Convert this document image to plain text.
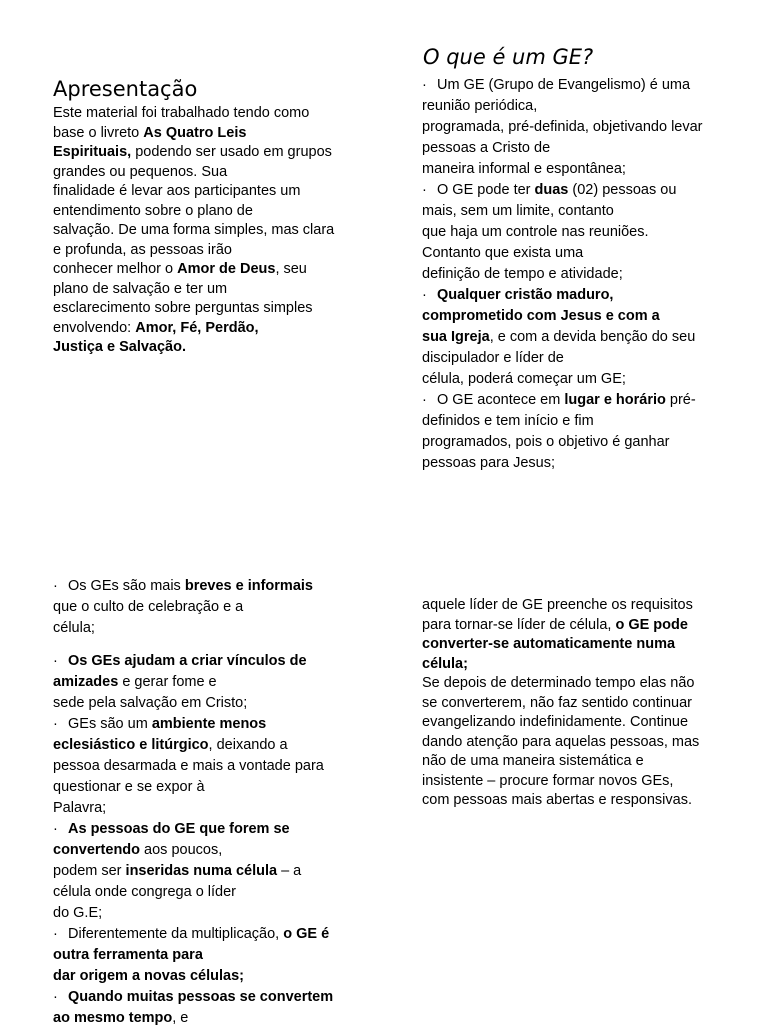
Apresentação
Este material foi trabalhado tendo como
base o livreto As Quatro Leis
Espirituais, podendo ser usado em grupos
grandes ou pequenos. Sua
finalidade é levar aos participantes um
entendimento sobre o plano de
salvação. De uma forma simples, mas clara
e profunda, as pessoas irão
conhecer melhor o Amor de Deus, seu
plano de salvação e ter um
esclarecimento sobre perguntas simples
envolvendo: Amor, Fé, Perdão,
Justiça e Salvação.
O que é um GE?

· Um GE (Grupo de Evangelismo) é uma
reunião periódica,
programada, pré-definida, objetivando levar
pessoas a Cristo de
maneira informal e espontânea;

· O GE pode ter duas (02) pessoas ou
mais, sem um limite, contanto
que haja um controle nas reuniões.
Contanto que exista uma
definição de tempo e atividade;

· Qualquer cristão maduro,
comprometido com Jesus e com a
sua Igreja, e com a devida benção do seu
discipulador e líder de
célula, poderá começar um GE;

· O GE acontece em lugar e horário pré-
definidos e tem início e fim
programados, pois o objetivo é ganhar
pessoas para Jesus;

· Os GEs são mais breves e informais
que o culto de celebração e a
célula;

· Os GEs ajudam a criar vínculos de
amizades e gerar fome e
sede pela salvação em Cristo;

· GEs são um ambiente menos
eclesiástico e litúrgico, deixando a
pessoa desarmada e mais a vontade para
questionar e se expor à
Palavra;

· As pessoas do GE que forem se
convertendo aos poucos,
podem ser inseridas numa célula – a
célula onde congrega o líder
do G.E;

· Diferentemente da multiplicação, o GE é
outra ferramenta para
dar origem a novas células;

· Quando muitas pessoas se convertem
ao mesmo tempo, e

aquele líder de GE preenche os requisitos
para tornar-se líder de célula, o GE pode
converter-se automaticamente numa
célula;
Se depois de determinado tempo elas não
se converterem, não faz sentido continuar
evangelizando indefinidamente. Continue
dando atenção para aquelas pessoas, mas
não de uma maneira sistemática e
insistente – procure formar novos GEs,
com pessoas mais abertas e responsivas.
